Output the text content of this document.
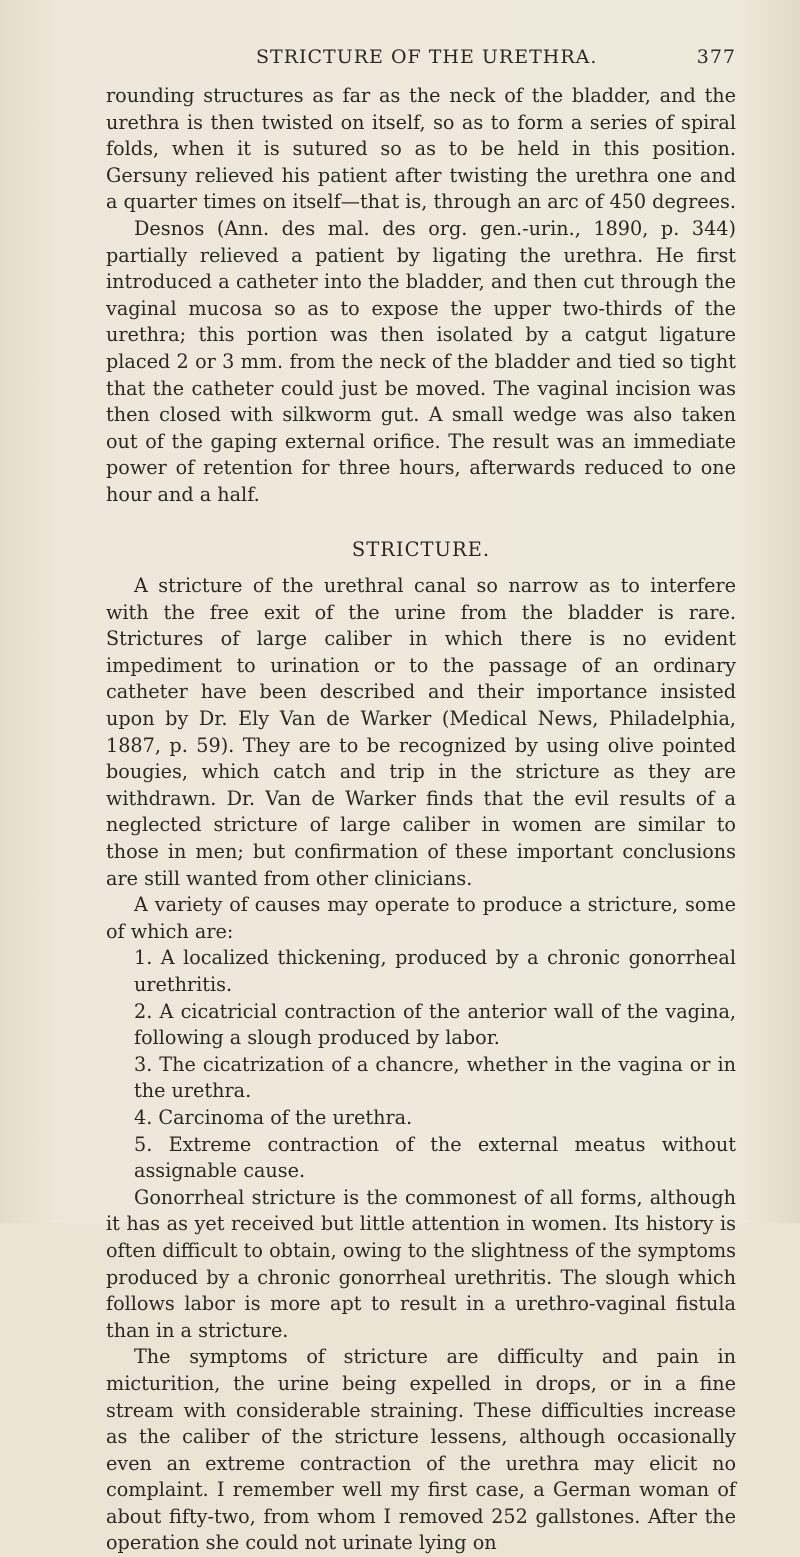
STRICTURE OF THE URETHRA.	377

rounding structures as far as the neck of the bladder, and the urethra is then twisted on itself, so as to form a series of spiral folds, when it is sutured so as to be held in this position. Gersuny relieved his patient after twisting the urethra one and a quarter times on itself—that is, through an arc of 450 degrees.

Desnos (Ann. des mal. des org. gen.-urin., 1890, p. 344) partially relieved a patient by ligating the urethra. He first introduced a catheter into the bladder, and then cut through the vaginal mucosa so as to expose the upper two-thirds of the urethra; this portion was then isolated by a catgut ligature placed 2 or 3 mm. from the neck of the bladder and tied so tight that the catheter could just be moved. The vaginal incision was then closed with silkworm gut. A small wedge was also taken out of the gaping external orifice. The result was an immediate power of retention for three hours, afterwards reduced to one hour and a half.

STRICTURE.

A stricture of the urethral canal so narrow as to interfere with the free exit of the urine from the bladder is rare. Strictures of large caliber in which there is no evident impediment to urination or to the passage of an ordinary catheter have been described and their importance insisted upon by Dr. Ely Van de Warker (Medical News, Philadelphia, 1887, p. 59). They are to be recognized by using olive pointed bougies, which catch and trip in the stricture as they are withdrawn. Dr. Van de Warker finds that the evil results of a neglected stricture of large caliber in women are similar to those in men; but confirmation of these important conclusions are still wanted from other clinicians.

A variety of causes may operate to produce a stricture, some of which are:

1. A localized thickening, produced by a chronic gonorrheal urethritis.

2. A cicatricial contraction of the anterior wall of the vagina, following a slough produced by labor.

3. The cicatrization of a chancre, whether in the vagina or in the urethra.

4. Carcinoma of the urethra.

5. Extreme contraction of the external meatus without assignable cause.

Gonorrheal stricture is the commonest of all forms, although it has as yet received but little attention in women. Its history is often difficult to obtain, owing to the slightness of the symptoms produced by a chronic gonorrheal urethritis. The slough which follows labor is more apt to result in a urethro-vaginal fistula than in a stricture.

The symptoms of stricture are difficulty and pain in micturition, the urine being expelled in drops, or in a fine stream with considerable straining. These difficulties increase as the caliber of the stricture lessens, although occasionally even an extreme contraction of the urethra may elicit no complaint. I remember well my first case, a German woman of about fifty-two, from whom I removed 252 gallstones. After the operation she could not urinate lying on
